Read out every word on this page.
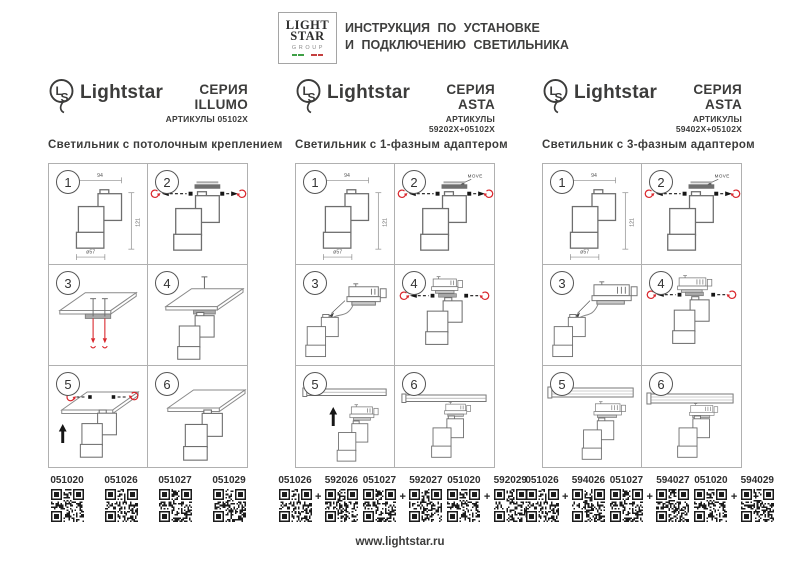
LIGHT
STAR
GROUP
ИНСТРУКЦИЯ ПО УСТАНОВКЕ
И ПОДКЛЮЧЕНИЮ СВЕТИЛЬНИКА
L
S Lightstar	СЕРИЯ ILLUMO
АРТИКУЛЫ 05102X
Светильник с потолочным креплением
1	94
121
ø57
2
3	4
5	6
051020 051026 051027 051029
L
S Lightstar	СЕРИЯ ASTA
АРТИКУЛЫ 59202X+05102X
Светильник с 1-фазным адаптером
1	94
121
ø57
2	MOVE
3	4
5	6
051026
+
592026 051027
+
592027 051020
+
592029
L
S Lightstar	СЕРИЯ ASTA
АРТИКУЛЫ 59402X+05102X
Светильник с 3-фазным адаптером
1	94
121
ø57
2	MOVE
3	4
5	6
051026
+
594026 051027
+
594027 051020
+
594029
www.lightstar.ru
